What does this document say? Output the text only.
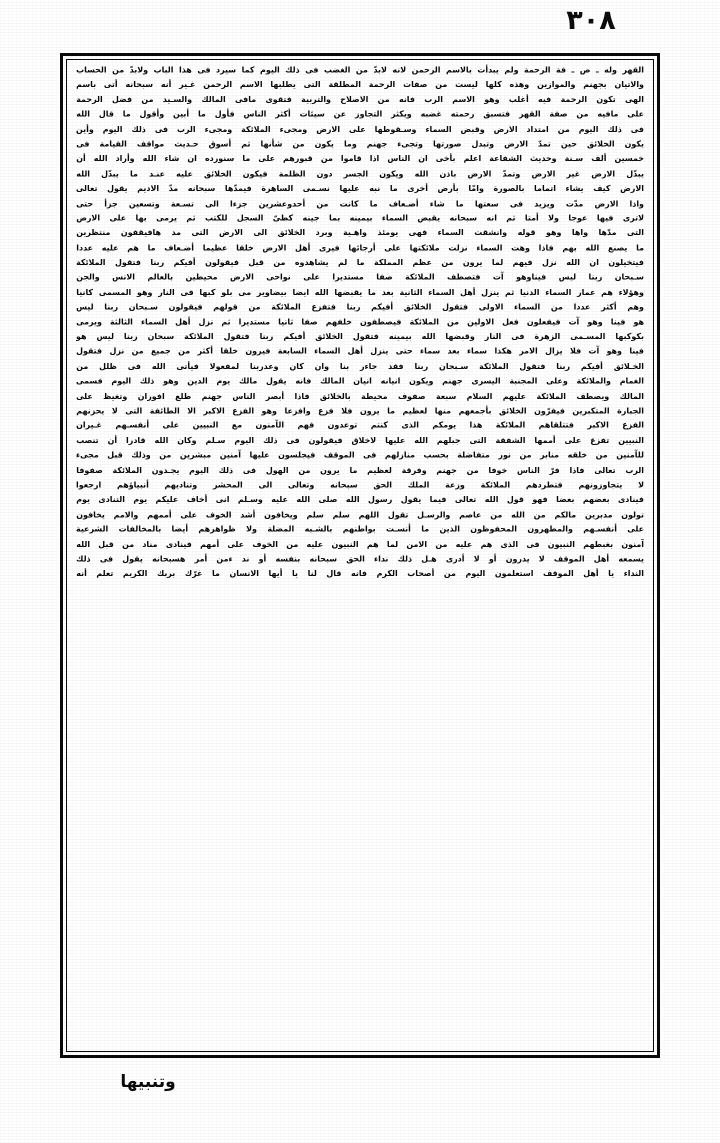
٣٠٨
القهر
وله
ـ
ص
ـ
فة
الرحمة
ولم
يبدأت
بالاسم
الرحمن
لانه
لابدّ
من
الغضب
فى
ذلك
اليوم
كما
سيرد
فى
هذا
الباب
ولابدّ
من
الحساب
والاتيان
بجهنم
والموازين
وهذه
كلها
ليست
من
صفات
الرحمة
المطلقة
التى
يطلبها
الاسم
الرحمن
غـير
أنه
سبحانه
أتى
باسم
الهى
تكون
الرحمة
فيه
أغلب
وهو
الاسم
الرب
فانه
من
الاصلاح
والتربية
فتقوى
مافى
المالك
والسـيد
من
فضل
الرحمة
على
مافيه
من
صفة
القهر
فتسبق
رحمته
غضبه
ويكثر
التجاوز
عن
سيئات
أكثر
الناس
فأول
ما
أبين
وأقول
ما
قال
الله
فى
ذلك
اليوم
من
امتداد
الارض
وقبض
السماء
وسـقوطها
على
الارض
ومجىء
الملائكة
ومجىء
الرب
فى
ذلك
اليوم
وأين
يكون
الخلائق
حين
تمدّ
الارض
وتبدل
صورتها
وتجىء
جهنم
وما
يكون
من
شأنها
ثم
أسوق
حـديث
مواقف
القيامة
فى
خمسين
ألف
سـنة
وحديث
الشفاعة
اعلم
بأخى
ان
الناس
اذا
قاموا
من
قبورهم
على
ما
سنورده
ان
شاء
الله
وأراد
الله
أن
يبدّل
الارض
غير
الارض
وتمدّ
الارض
باذن
الله
ويكون
الجسر
دون
الظلمة
فيكون
الخلائق
عليه
عنـد
ما
يبدّل
الله
الارض
كيف
يشاء
اتماما
بالصورة
وامّا
بأرض
أخرى
ما
نبه
عليها
نسـمى
الساهرة
فيمدّها
سبحانه
مدّ
الاديم
يقول
تعالى
واذا
الارض
مدّت
ويزيد
فى
سعتها
ما
شاء
أضـعاف
ما
كانت
من
أحدوعشرين
جزءا
الى
تسـعة
وتسعين
جزأ
حتى
لاترى
فيها
عوجا
ولا
أمتا
ثم
انه
سبحانه
يقبض
السماء
بيمينه
بما
جينه
كطىّ
السجل
للكتب
ثم
يرمى
بها
على
الارض
التى
مدّها
واها
وهو
قوله
وانشقت
السماء
فهى
يومئذ
واهـية
وبرد
الخلائق
الى
الارض
التى
مد
هافيقفون
منتظرين
ما
يصنع
الله
بهم
فاذا
وهت
السماء
نزلت
ملائكتها
على
أرجائها
فيرى
أهل
الارض
خلقا
عظيما
أضـعاف
ما
هم
عليه
عددا
فيتخيلون
ان
الله
نزل
فيهم
لما
يرون
من
عظم
المملكة
ما
لم
يشاهدوه
من
قبل
فيقولون
أفيكم
ربنا
فتقول
الملائكة
سـبحان
ربنا
ليس
فيناوهو
آت
فتصطف
الملائكة
صفا
مستديرا
على
نواحى
الارض
محيطين
بالعالم
الانس
والجن
وهؤلاء
هم
عمار
السماء
الدنيا
ثم
ينزل
أهل
السماء
الثانية
بعد
ما
يقبضها
الله
ايضا
بيضاوير
مى
بلو
كبها
فى
النار
وهو
المسمى
كانيا
وهم
أكثر
عددا
من
السماء
الاولى
فتقول
الخلائق
أفيكم
ربنا
فتفزع
الملائكة
من
قولهم
فيقولون
سـبحان
ربنا
ليس
هو
فينا
وهو
آت
فيفعلون
فعل
الاولين
من
الملائكة
فيصطفون
خلفهم
صفا
ثانيا
مستديرا
ثم
نزل
أهل
السماء
الثالثة
ويرمى
بكوكبها
المسـمى
الزهرة
فى
النار
وقبضها
الله
بيمينه
فتقول
الخلائق
أفيكم
ربنا
فتقول
الملائكة
سبحان
ربنا
ليس
هو
فينا
وهو
آت
فلا
يزال
الامر
هكذا
سماء
بعد
سماء
حتى
ينزل
أهل
السماء
السابعة
فيرون
خلقا
أكثر
من
جميع
من
نزل
فتقول
الخـلائق
أفيكم
ربنا
فتقول
الملائكة
سـبحان
ربنا
فقد
جاءر
بنا
وان
كان
وعدربنا
لمفعولا
فيأتى
الله
فى
ظلل
من
الغمام
والملائكة
وعلى
المجنبة
اليسرى
جهنم
ويكون
انيانه
انيان
المالك
فانه
يقول
مالك
يوم
الدين
وهو
ذلك
اليوم
فسمى
المالك
ويصطف
الملائكة
عليهم
السلام
سبعة
صفوف
محيطة
بالخلائق
فاذا
أبصر
الناس
جهنم
طلع
افوران
وتغيظ
على
الجبارة
المتكبرين
فيفرّون
الخلائق
بأجمعهم
منها
لعظيم
ما
يرون
فلا
فزع
وافزعا
وهو
الفزع
الاكبر
الا
الطائفة
التى
لا
يحزنهم
الفزع
الاكبر
فتتلقاهم
الملائكة
هذا
يومكم
الذى
كنتم
توعدون
فهم
الآمنون
مع
النبيين
على
أنفسـهم
غـيران
النبيين
تفزع
على
أممها
الشفقة
التى
جبلهم
الله
عليها
لاخلاق
فيقولون
فى
ذلك
اليوم
سـلم
وكان
الله
قادرا
أن
تنصب
للآمنين
من
خلقه
منابر
من
نور
متفاضلة
بحسب
منازلهم
فى
الموقف
فيجلسون
عليها
آمنين
مبشرين
من
وذلك
قبل
مجىء
الرب
تعالى
فاذا
فرّ
الناس
خوفا
من
جهنم
وفرقة
لعظيم
ما
يرون
من
الهول
فى
ذلك
اليوم
يجـدون
الملائكة
صفوفا
لا
يتجاوزونهم
فتطردهم
الملائكة
وزعة
الملك
الحق
سبحانه
وتعالى
الى
المحشر
وتناديهم
أنبياؤهم
ارجعوا
فينادى
بعضهم
بعضا
فهو
قول
الله
تعالى
فيما
يقول
رسول
الله
صلى
الله
عليه
وسـلم
انى
أخاف
عليكم
يوم
التنادى
يوم
تولون
مدبرين
مالكم
من
الله
من
عاصم
والرسـل
تقول
اللهم
سلم
سلم
ويخافون
أشد
الخوف
على
أممهم
والامم
يخافون
على
أنفسـهم
والمطهرون
المحفوظون
الذين
ما
أنسـت
بواطنهم
بالشـبه
المضلة
ولا
ظواهرهم
أيضا
بالمخالفات
الشرعية
آمنون
بغبطهم
النبيون
فى
الذى
هم
عليه
من
الامن
لما
هم
النبيون
عليه
من
الخوف
على
أمهم
فينادى
مناد
من
قبل
الله
يسمعه
أهل
الموقف
لا
يدرون
أو
لا
أدرى
هـل
ذلك
نداء
الحق
سبحانه
بنفسه
أو
ند
ءمن
أمر
هسبحانه
يقول
فى
ذلك
النداء
يا
أهل
الموقف
استعلمون
اليوم
من
أصحاب
الكرم
فانه
قال
لنا
يا
أيها
الانسان
ما
غرّك
بربك
الكريم
تعلم
أنه
وتنبيها
